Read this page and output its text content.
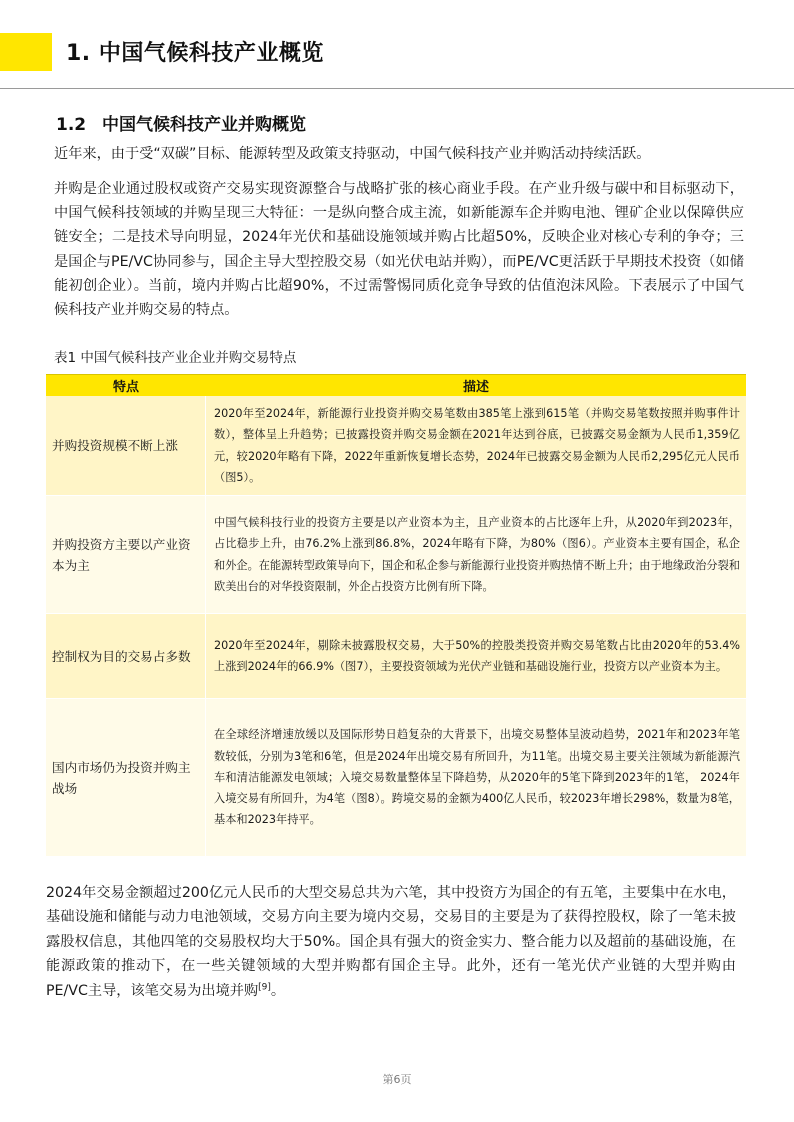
1. 中国气候科技产业概览
1.2 中国气候科技产业并购概览

近年来，由于受“双碳”目标、能源转型及政策支持驱动，中国气候科技产业并购活动持续活跃。

并购是企业通过股权或资产交易实现资源整合与战略扩张的核心商业手段。在产业升级与碳中和目标驱动下，中国气候科技领域的并购呈现三大特征：一是纵向整合成主流，如新能源车企并购电池、锂矿企业以保障供应链安全；二是技术导向明显，2024年光伏和基础设施领域并购占比超50%，反映企业对核心专利的争夺；三是国企与PE/VC协同参与，国企主导大型控股交易（如光伏电站并购），而PE/VC更活跃于早期技术投资（如储能初创企业）。当前，境内并购占比超90%，不过需警惕同质化竞争导致的估值泡沫风险。下表展示了中国气候科技产业并购交易的特点。

表1 中国气候科技产业企业并购交易特点
特点	描述
并购投资规模不断上涨
2020年至2024年，新能源行业投资并购交易笔数由385笔上涨到615笔（并购交易笔数按照并购事件计数），整体呈上升趋势；已披露投资并购交易金额在2021年达到谷底，已披露交易金额为人民币1,359亿元，较2020年略有下降，2022年重新恢复增长态势，2024年已披露交易金额为人民币2,295亿元人民币（图5）。
并购投资方主要以产业资本为主
中国气候科技行业的投资方主要是以产业资本为主，且产业资本的占比逐年上升，从2020年到2023年，占比稳步上升，由76.2%上涨到86.8%，2024年略有下降，为80%（图6）。产业资本主要有国企，私企和外企。在能源转型政策导向下，国企和私企参与新能源行业投资并购热情不断上升；由于地缘政治分裂和欧美出台的对华投资限制，外企占投资方比例有所下降。
控制权为目的交易占多数
2020年至2024年，剔除未披露股权交易，大于50%的控股类投资并购交易笔数占比由2020年的53.4%上涨到2024年的66.9%（图7），主要投资领域为光伏产业链和基础设施行业，投资方以产业资本为主。
国内市场仍为投资并购主战场
在全球经济增速放缓以及国际形势日趋复杂的大背景下，出境交易整体呈波动趋势，2021年和2023年笔数较低，分别为3笔和6笔，但是2024年出境交易有所回升，为11笔。出境交易主要关注领域为新能源汽车和清洁能源发电领域；入境交易数量整体呈下降趋势，从2020年的5笔下降到2023年的1笔， 2024年入境交易有所回升，为4笔（图8）。跨境交易的金额为400亿人民币，较2023年增长298%，数量为8笔，基本和2023年持平。

2024年交易金额超过200亿元人民币的大型交易总共为六笔，其中投资方为国企的有五笔，主要集中在水电，基础设施和储能与动力电池领域，交易方向主要为境内交易，交易目的主要是为了获得控股权，除了一笔未披露股权信息，其他四笔的交易股权均大于50%。国企具有强大的资金实力、整合能力以及超前的基础设施，在能源政策的推动下，在一些关键领域的大型并购都有国企主导。此外，还有一笔光伏产业链的大型并购由PE/VC主导，该笔交易为出境并购[9]。

第6页
